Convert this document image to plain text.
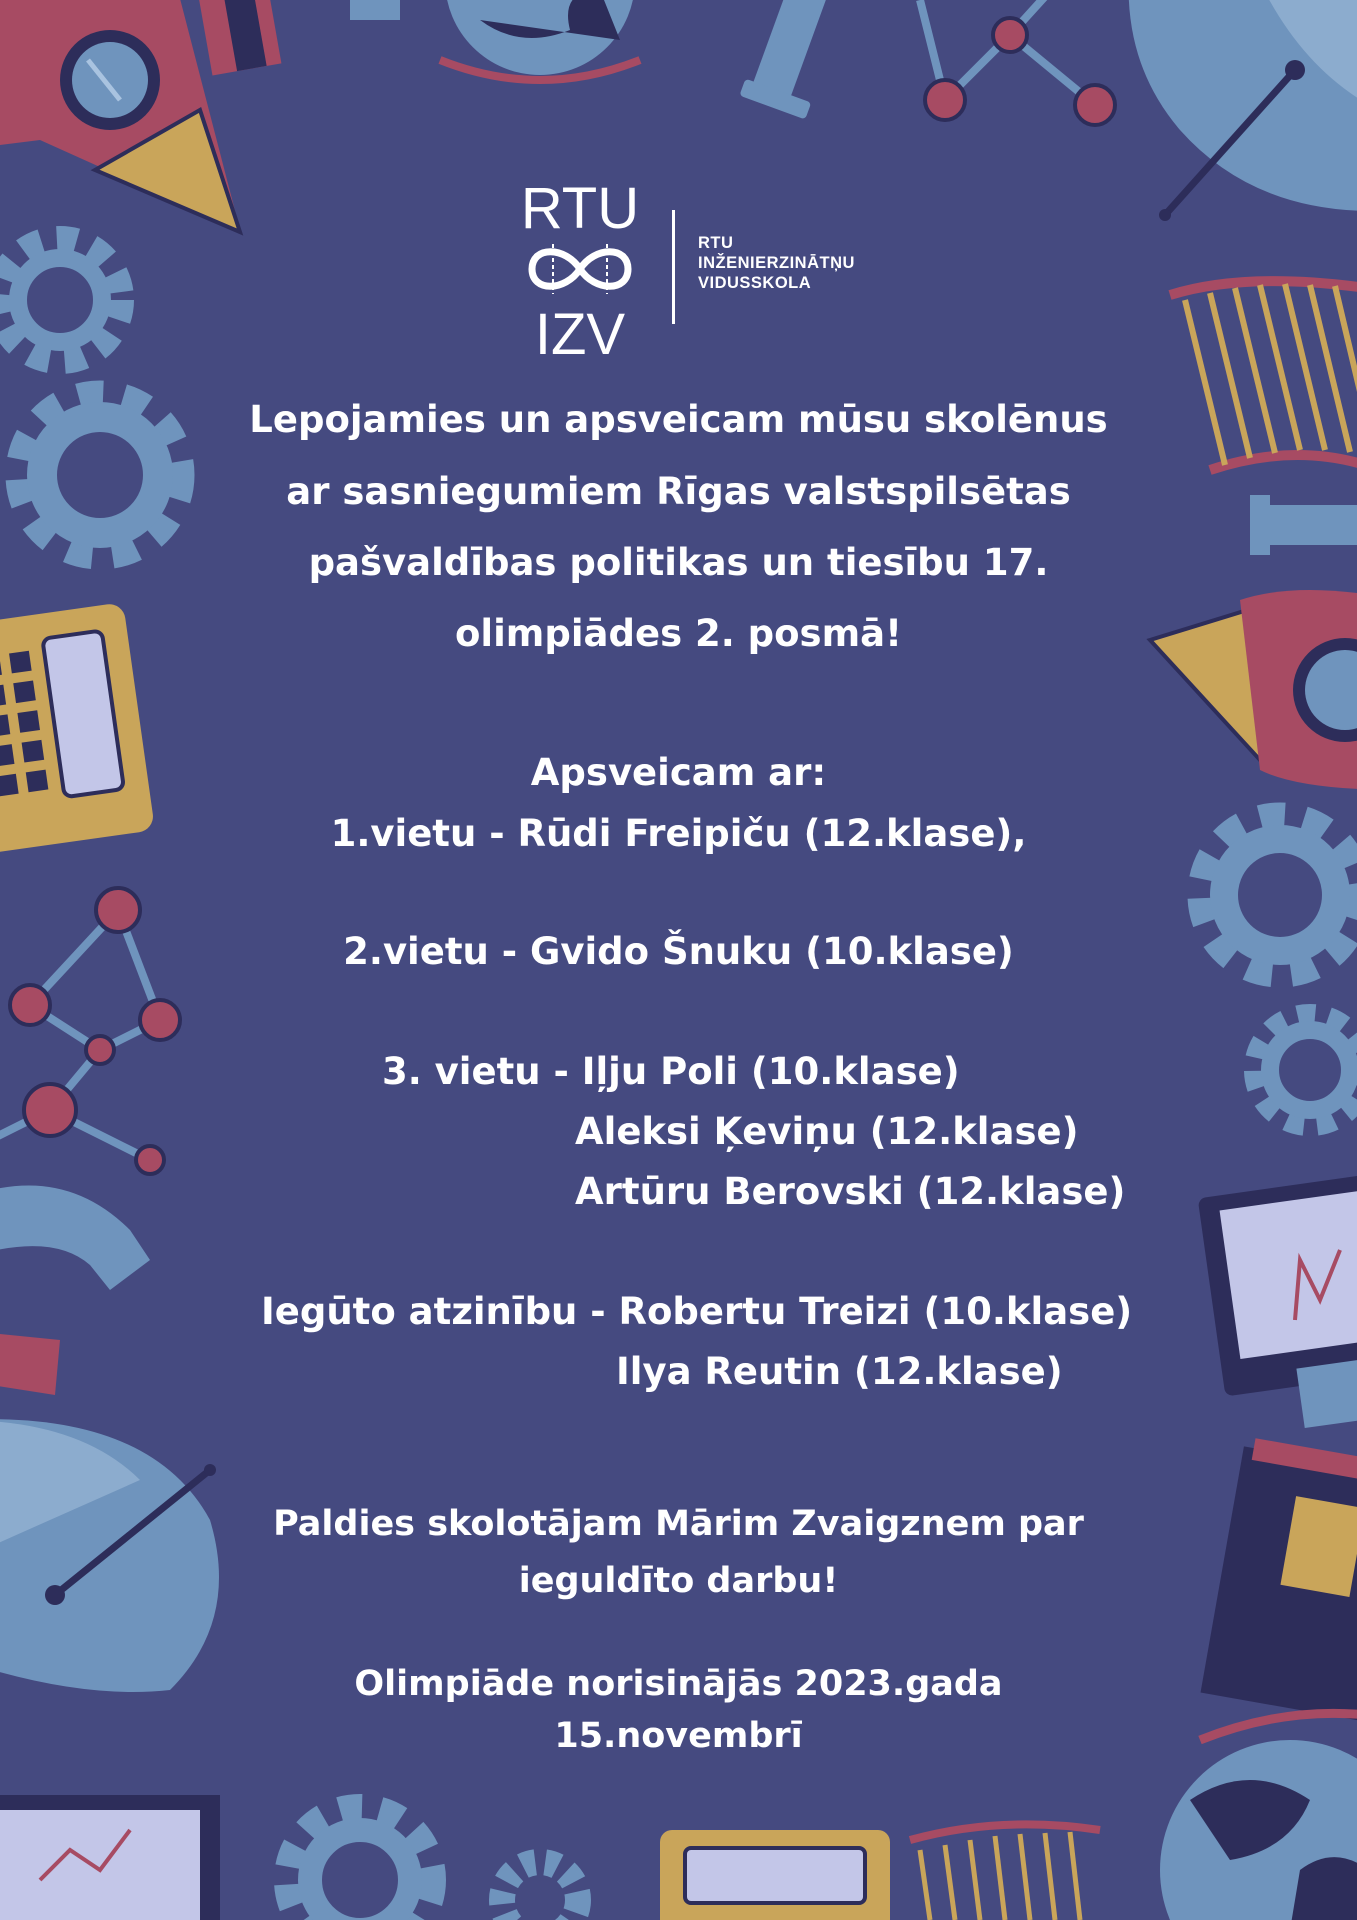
RTU
IZV
RTU
INŽENIERZINĀTŅU
VIDUSSKOLA
Lepojamies un apsveicam mūsu skolēnus
ar sasniegumiem Rīgas valstspilsētas
pašvaldības politikas un tiesību 17.
olimpiādes 2. posmā!
Apsveicam ar:
1.vietu - Rūdi Freipiču (12.klase),
2.vietu - Gvido Šnuku (10.klase)
3. vietu - Iļju Poli (10.klase)
Aleksi Ķeviņu (12.klase)
Artūru Berovski (12.klase)
Iegūto atzinību - Robertu Treizi (10.klase)
Ilya Reutin (12.klase)
Paldies skolotājam Mārim Zvaigznem par
ieguldīto darbu!
Olimpiāde norisinājās 2023.gada
15.novembrī
